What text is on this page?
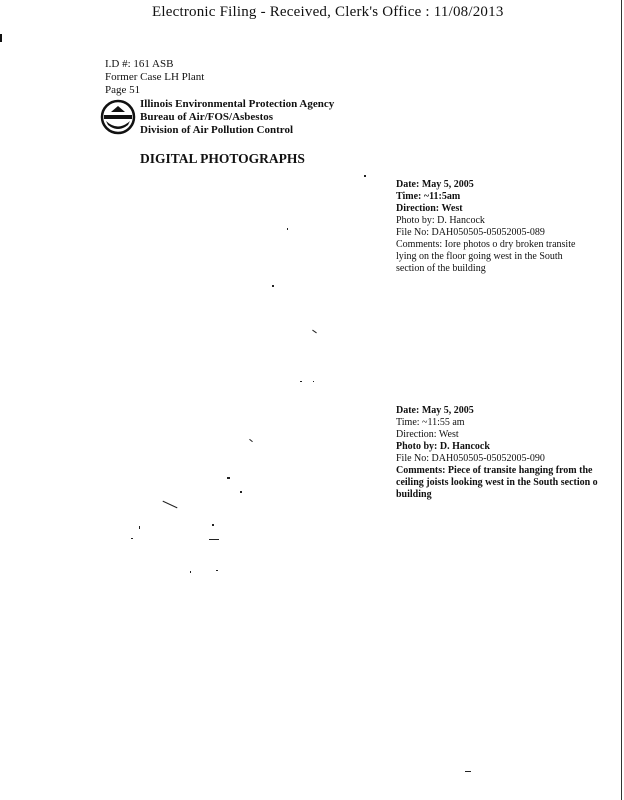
Electronic Filing - Received, Clerk's Office : 11/08/2013
I.D #: 161 ASB
Former Case LH Plant
Page 51
Illinois Environmental Protection Agency
Bureau of Air/FOS/Asbestos
Division of Air Pollution Control
DIGITAL PHOTOGRAPHS
Date: May 5, 2005
Time: ~11:5am
Direction: West
Photo by: D. Hancock
File No: DAH050505-05052005-089
Comments: Iore photos o dry broken transite
lying on the floor going west in the South
section of the building
Date: May 5, 2005
Time: ~11:55 am
Direction: West
Photo by: D. Hancock
File No: DAH050505-05052005-090
Comments: Piece of transite hanging from the
ceiling joists looking west in the South section o
building
